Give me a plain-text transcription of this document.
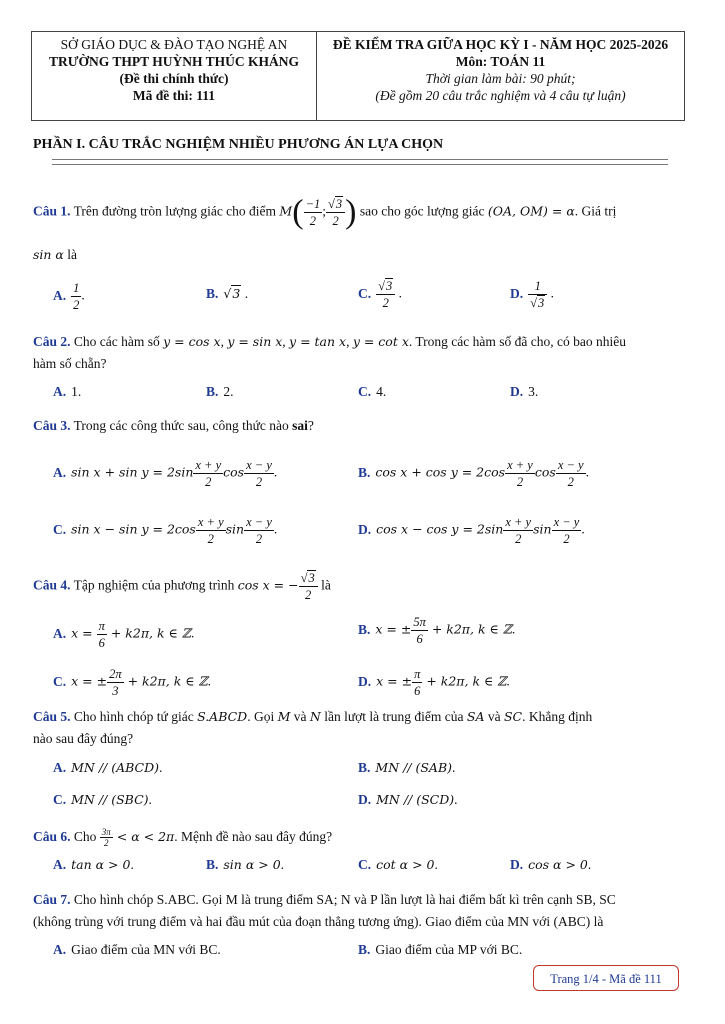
SỞ GIÁO DỤC & ĐÀO TẠO NGHỆ AN
TRƯỜNG THPT HUỲNH THÚC KHÁNG
(Đề thi chính thức)
Mã đề thi: 111
ĐỀ KIỂM TRA GIỮA HỌC KỲ I - NĂM HỌC 2025-2026
Môn: TOÁN 11
Thời gian làm bài: 90 phút;
(Đề gồm 20 câu trắc nghiệm và 4 câu tự luận)
PHẦN I. CÂU TRẮC NGHIỆM NHIỀU PHƯƠNG ÁN LỰA CHỌN
Câu 1. Trên đường tròn lượng giác cho điểm $M( \frac{-1}{2}$ ; $\frac{√3}{2}$ ) sao cho góc lượng giác (OA, OM) = α. Giá trị
sin α là
A. $\frac{1}{2}$ .	B. √3 .	C. $\frac{√3}{2}$ .	D. $\frac{1}{√3}$ .
Câu 2. Cho các hàm số y = cos x, y = sin x, y = tan x, y = cot x. Trong các hàm số đã cho, có bao nhiêu
hàm số chẵn?
A. 1.	B. 2.	C. 4.	D. 3.
Câu 3. Trong các công thức sau, công thức nào sai?
A. $\sin x + \sin y = 2\sin \frac{x + y}{2}$ $\cos \frac{x - y}{2}$ .	B. $\cos x + \cos y = 2\cos \frac{x + y}{2}$ $\cos \frac{x - y}{2}$ .
C. $\sin x - \sin y = 2\cos \frac{x + y}{2}$ $\sin \frac{x - y}{2}$ .	D. $\cos x - \cos y = 2\sin \frac{x + y}{2}$ $\sin \frac{x - y}{2}$ .
Câu 4. Tập nghiệm của phương trình cos x = − $\frac{√3}{2}$ là
A. $x = \frac{\pi}{6} + k2\pi$, k ∈ ℤ.	B. x = ± $\frac{5\pi}{6} + k2\pi$, k ∈ ℤ.
C. x = ± $\frac{2\pi}{3} + k2\pi$, k ∈ ℤ.	D. x = ± $\frac{\pi}{6} + k2\pi$, k ∈ ℤ.
Câu 5. Cho hình chóp tứ giác S.ABCD. Gọi M và N lần lượt là trung điểm của SA và SC. Khẳng định
nào sau đây đúng?
A. MN // (ABCD).	B. MN // (SAB).
C. MN // (SBC).	D. MN // (SCD).
Câu 6. Cho $\frac{3\pi}{2} < \alpha < 2\pi$. Mệnh đề nào sau đây đúng?
A. tan α > 0.	B. sin α > 0.	C. cot α > 0.	D. cos α > 0.
Câu 7. Cho hình chóp S.ABC. Gọi M là trung điểm SA; N và P lần lượt là hai điểm bất kì trên cạnh SB, SC
(không trùng với trung điểm và hai đầu mút của đoạn thẳng tương ứng). Giao điểm của MN với (ABC) là
A. Giao điểm của MN với BC.	B. Giao điểm của MP với BC.
Trang 1/4 - Mã đề 111
